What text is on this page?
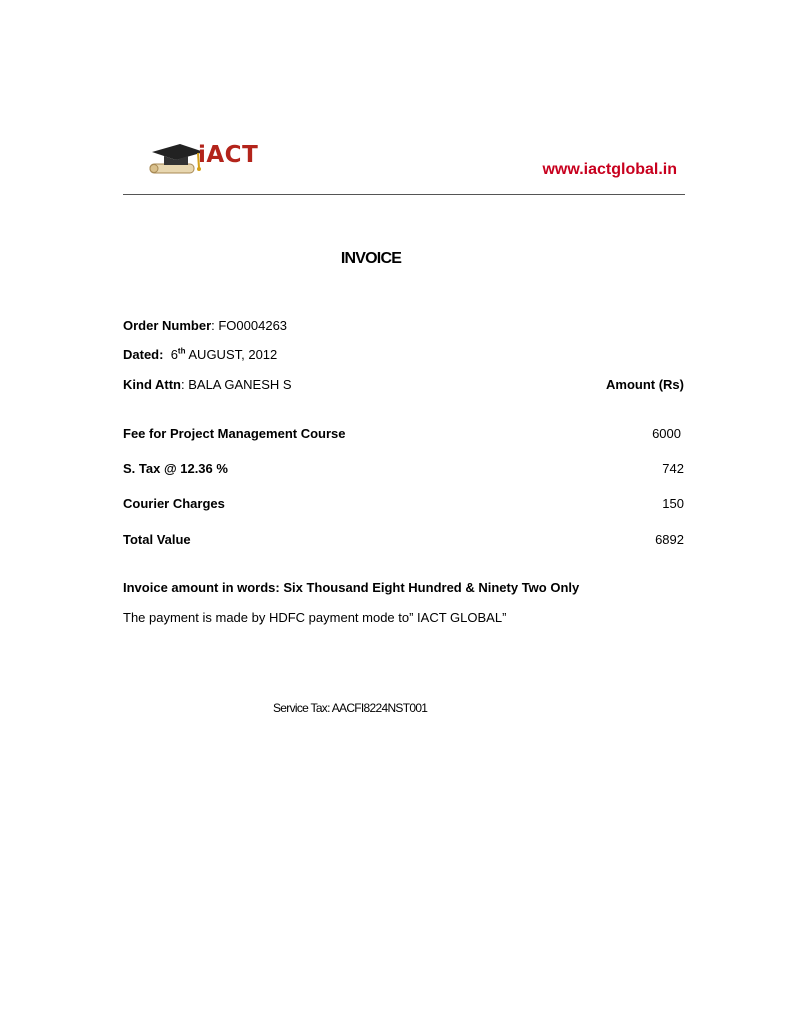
iACT
www.iactglobal.in
INVOICE
Order Number: FO0004263
Dated: 6th AUGUST, 2012
Kind Attn: BALA GANESH S	Amount (Rs)
Fee for Project Management Course	6000
S. Tax @ 12.36 %	742
Courier Charges	150
Total Value	6892
Invoice amount in words: Six Thousand Eight Hundred & Ninety Two Only
The payment is made by HDFC payment mode to” IACT GLOBAL”
Service Tax: AACFI8224NST001
